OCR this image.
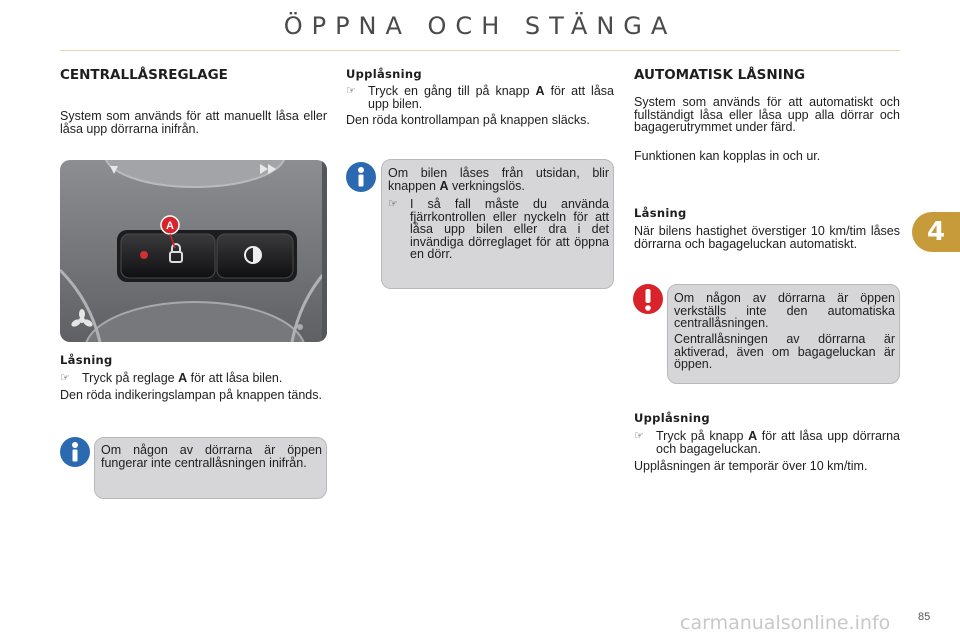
ÖPPNA OCH STÄNGA
4
CENTRALLÅSREGLAGE
System som används för att manuellt låsa eller låsa upp dörrarna inifrån.
A
Låsning
☞ Tryck på reglage A för att låsa bilen.
Den röda indikeringslampan på knappen tänds.
Om någon av dörrarna är öppen fungerar inte centrallåsningen inifrån.
Upplåsning
☞ Tryck en gång till på knapp A för att låsa upp bilen.
Den röda kontrollampan på knappen släcks.
Om bilen låses från utsidan, blir knappen A verkningslös.
☞ I så fall måste du använda fjärrkontrollen eller nyckeln för att låsa upp bilen eller dra i det invändiga dörreglaget för att öppna en dörr.
AUTOMATISK LÅSNING
System som används för att automatiskt och fullständigt låsa eller låsa upp alla dörrar och bagagerutrymmet under färd.
Funktionen kan kopplas in och ur.
Låsning
När bilens hastighet överstiger 10 km/tim låses dörrarna och bagageluckan automatiskt.
Om någon av dörrarna är öppen verkställs inte den automatiska centrallåsningen.
Centrallåsningen av dörrarna är aktiverad, även om bagageluckan är öppen.
Upplåsning
☞ Tryck på knapp A för att låsa upp dörrarna och bagageluckan.
Upplåsningen är temporär över 10 km/tim.
carmanualsonline.info	85
